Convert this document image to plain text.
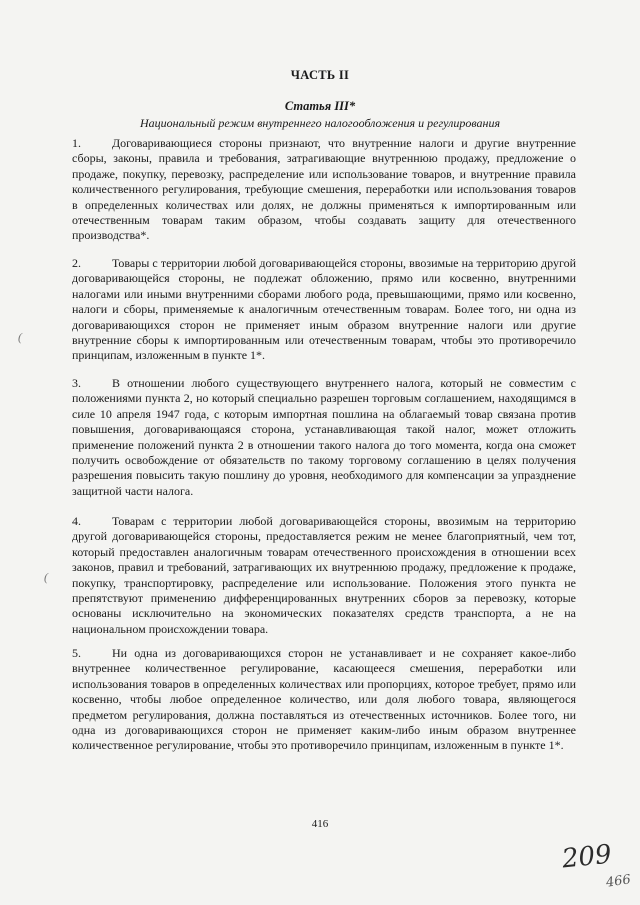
ЧАСТЬ II
Статья III*
Национальный режим внутреннего налогообложения и регулирования
1.	Договаривающиеся стороны признают, что внутренние налоги и другие внутренние сборы, законы, правила и требования, затрагивающие внутреннюю продажу, предложение о продаже, покупку, перевозку, распределение или использование товаров, и внутренние правила количественного регулирования, требующие смешения, переработки или использования товаров в определенных количествах или долях, не должны применяться к импортированным или отечественным товарам таким образом, чтобы создавать защиту для отечественного производства*.
2.	Товары с территории любой договаривающейся стороны, ввозимые на территорию другой договаривающейся стороны, не подлежат обложению, прямо или косвенно, внутренними налогами или иными внутренними сборами любого рода, превышающими, прямо или косвенно, налоги и сборы, применяемые к аналогичным отечественным товарам. Более того, ни одна из договаривающихся сторон не применяет иным образом внутренние налоги или другие внутренние сборы к импортированным или отечественным товарам, чтобы это противоречило принципам, изложенным в пункте 1*.
3.	В отношении любого существующего внутреннего налога, который не совместим с положениями пункта 2, но который специально разрешен торговым соглашением, находящимся в силе 10 апреля 1947 года, с которым импортная пошлина на облагаемый товар связана против повышения, договаривающаяся сторона, устанавливающая такой налог, может отложить применение положений пункта 2 в отношении такого налога до того момента, когда она сможет получить освобождение от обязательств по такому торговому соглашению в целях получения разрешения повысить такую пошлину до уровня, необходимого для компенсации за упразднение защитной части налога.
4.	Товарам с территории любой договаривающейся стороны, ввозимым на территорию другой договаривающейся стороны, предоставляется режим не менее благоприятный, чем тот, который предоставлен аналогичным товарам отечественного происхождения в отношении всех законов, правил и требований, затрагивающих их внутреннюю продажу, предложение к продаже, покупку, транспортировку, распределение или использование. Положения этого пункта не препятствуют применению дифференцированных внутренних сборов за перевозку, которые основаны исключительно на экономических показателях средств транспорта, а не на национальном происхождении товара.
5.	Ни одна из договаривающихся сторон не устанавливает и не сохраняет какое-либо внутреннее количественное регулирование, касающееся смешения, переработки или использования товаров в определенных количествах или пропорциях, которое требует, прямо или косвенно, чтобы любое определенное количество, или доля любого товара, являющегося предметом регулирования, должна поставляться из отечественных источников. Более того, ни одна из договаривающихся сторон не применяет каким-либо иным образом внутреннее количественное регулирование, чтобы это противоречило принципам, изложенным в пункте 1*.
(
(
416
209
466
